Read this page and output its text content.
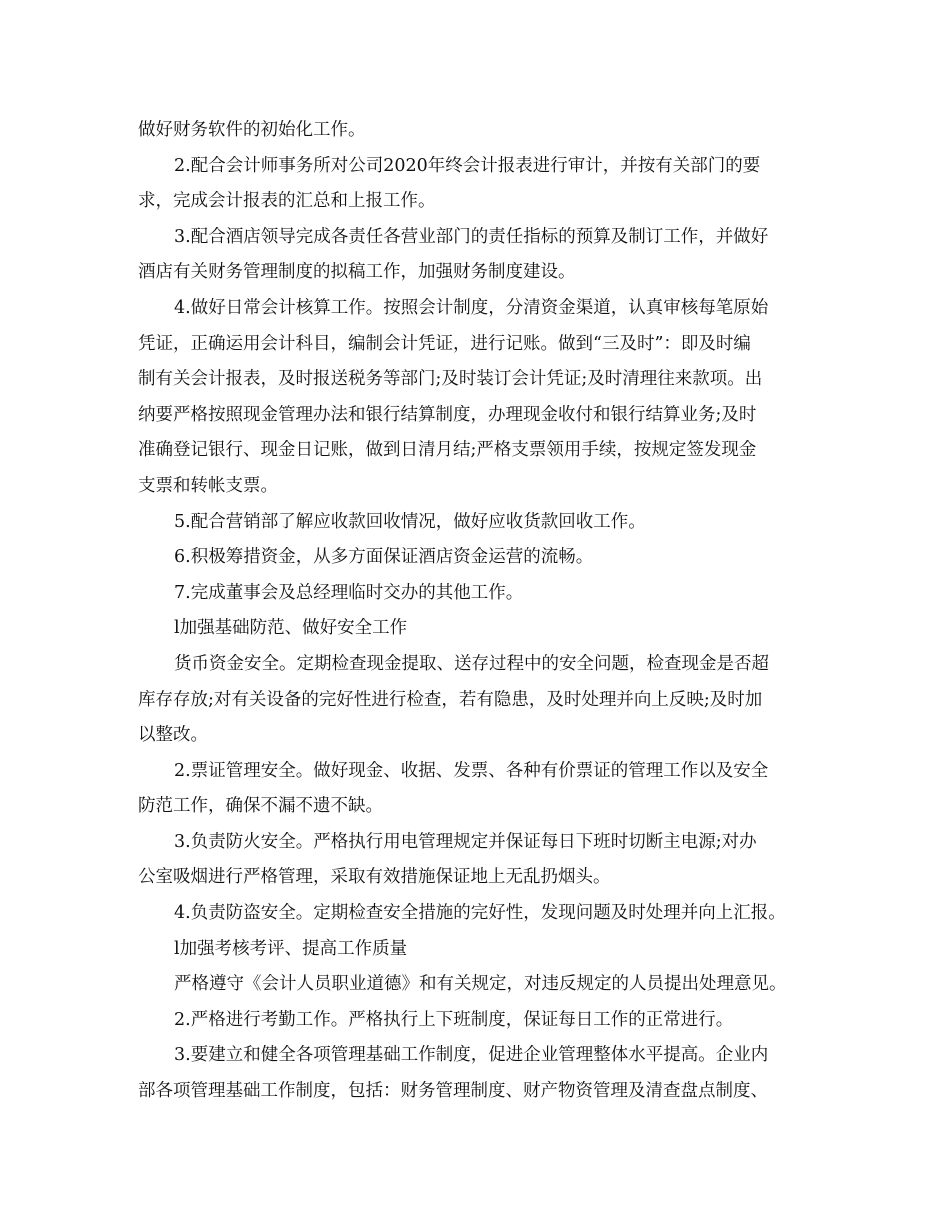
做好财务软件的初始化工作。
2.配合会计师事务所对公司2020年终会计报表进行审计，并按有关部门的要
求，完成会计报表的汇总和上报工作。
3.配合酒店领导完成各责任各营业部门的责任指标的预算及制订工作，并做好
酒店有关财务管理制度的拟稿工作，加强财务制度建设。
4.做好日常会计核算工作。按照会计制度，分清资金渠道，认真审核每笔原始
凭证，正确运用会计科目，编制会计凭证，进行记账。做到“三及时”：即及时编
制有关会计报表，及时报送税务等部门;及时装订会计凭证;及时清理往来款项。出
纳要严格按照现金管理办法和银行结算制度，办理现金收付和银行结算业务;及时
准确登记银行、现金日记账，做到日清月结;严格支票领用手续，按规定签发现金
支票和转帐支票。
5.配合营销部了解应收款回收情况，做好应收货款回收工作。
6.积极筹措资金，从多方面保证酒店资金运营的流畅。
7.完成董事会及总经理临时交办的其他工作。
l加强基础防范、做好安全工作
货币资金安全。定期检查现金提取、送存过程中的安全问题，检查现金是否超
库存存放;对有关设备的完好性进行检查，若有隐患，及时处理并向上反映;及时加
以整改。
2.票证管理安全。做好现金、收据、发票、各种有价票证的管理工作以及安全
防范工作，确保不漏不遗不缺。
3.负责防火安全。严格执行用电管理规定并保证每日下班时切断主电源;对办
公室吸烟进行严格管理，采取有效措施保证地上无乱扔烟头。
4.负责防盗安全。定期检查安全措施的完好性，发现问题及时处理并向上汇报。
l加强考核考评、提高工作质量
严格遵守《会计人员职业道德》和有关规定，对违反规定的人员提出处理意见。
2.严格进行考勤工作。严格执行上下班制度，保证每日工作的正常进行。
3.要建立和健全各项管理基础工作制度，促进企业管理整体水平提高。企业内
部各项管理基础工作制度，包括：财务管理制度、财产物资管理及清查盘点制度、
